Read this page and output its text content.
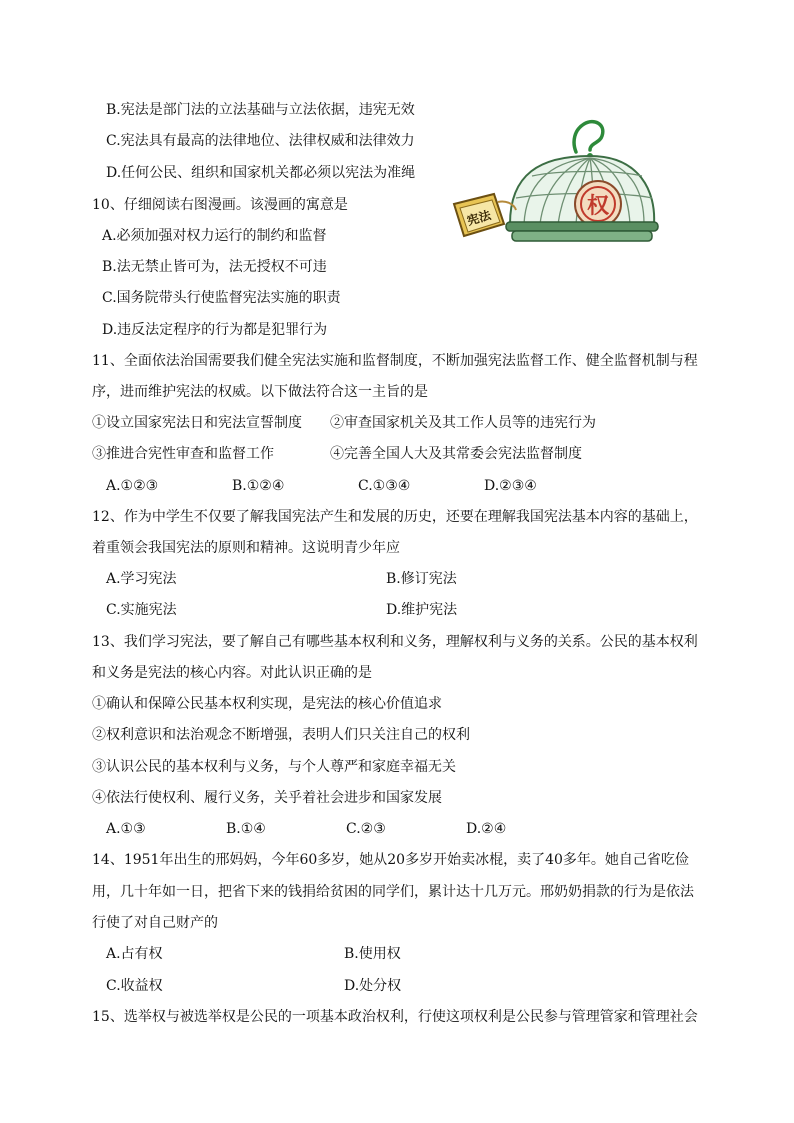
B.宪法是部门法的立法基础与立法依据，违宪无效
C.宪法具有最高的法律地位、法律权威和法律效力
D.任何公民、组织和国家机关都必须以宪法为准绳
10、仔细阅读右图漫画。该漫画的寓意是
A.必须加强对权力运行的制约和监督
B.法无禁止皆可为，法无授权不可违
C.国务院带头行使监督宪法实施的职责
D.违反法定程序的行为都是犯罪行为
权
宪法
11、全面依法治国需要我们健全宪法实施和监督制度，不断加强宪法监督工作、健全监督机制与程
序，进而维护宪法的权威。以下做法符合这一主旨的是
①设立国家宪法日和宪法宣誓制度 ②审查国家机关及其工作人员等的违宪行为
③推进合宪性审查和监督工作	④完善全国人大及其常委会宪法监督制度
A.①②③	B.①②④	C.①③④	D.②③④
12、作为中学生不仅要了解我国宪法产生和发展的历史，还要在理解我国宪法基本内容的基础上，
着重领会我国宪法的原则和精神。这说明青少年应
A.学习宪法	B.修订宪法
C.实施宪法	D.维护宪法
13、我们学习宪法，要了解自己有哪些基本权利和义务，理解权利与义务的关系。公民的基本权利
和义务是宪法的核心内容。对此认识正确的是
①确认和保障公民基本权利实现，是宪法的核心价值追求
②权利意识和法治观念不断增强，表明人们只关注自己的权利
③认识公民的基本权利与义务，与个人尊严和家庭幸福无关
④依法行使权利、履行义务，关乎着社会进步和国家发展
A.①③	B.①④	C.②③	D.②④
14、1951年出生的邢妈妈，今年60多岁，她从20多岁开始卖冰棍，卖了40多年。她自己省吃俭
用，几十年如一日，把省下来的钱捐给贫困的同学们，累计达十几万元。邢奶奶捐款的行为是依法
行使了对自己财产的
A.占有权	B.使用权
C.收益权	D.处分权
15、选举权与被选举权是公民的一项基本政治权利，行使这项权利是公民参与管理管家和管理社会
